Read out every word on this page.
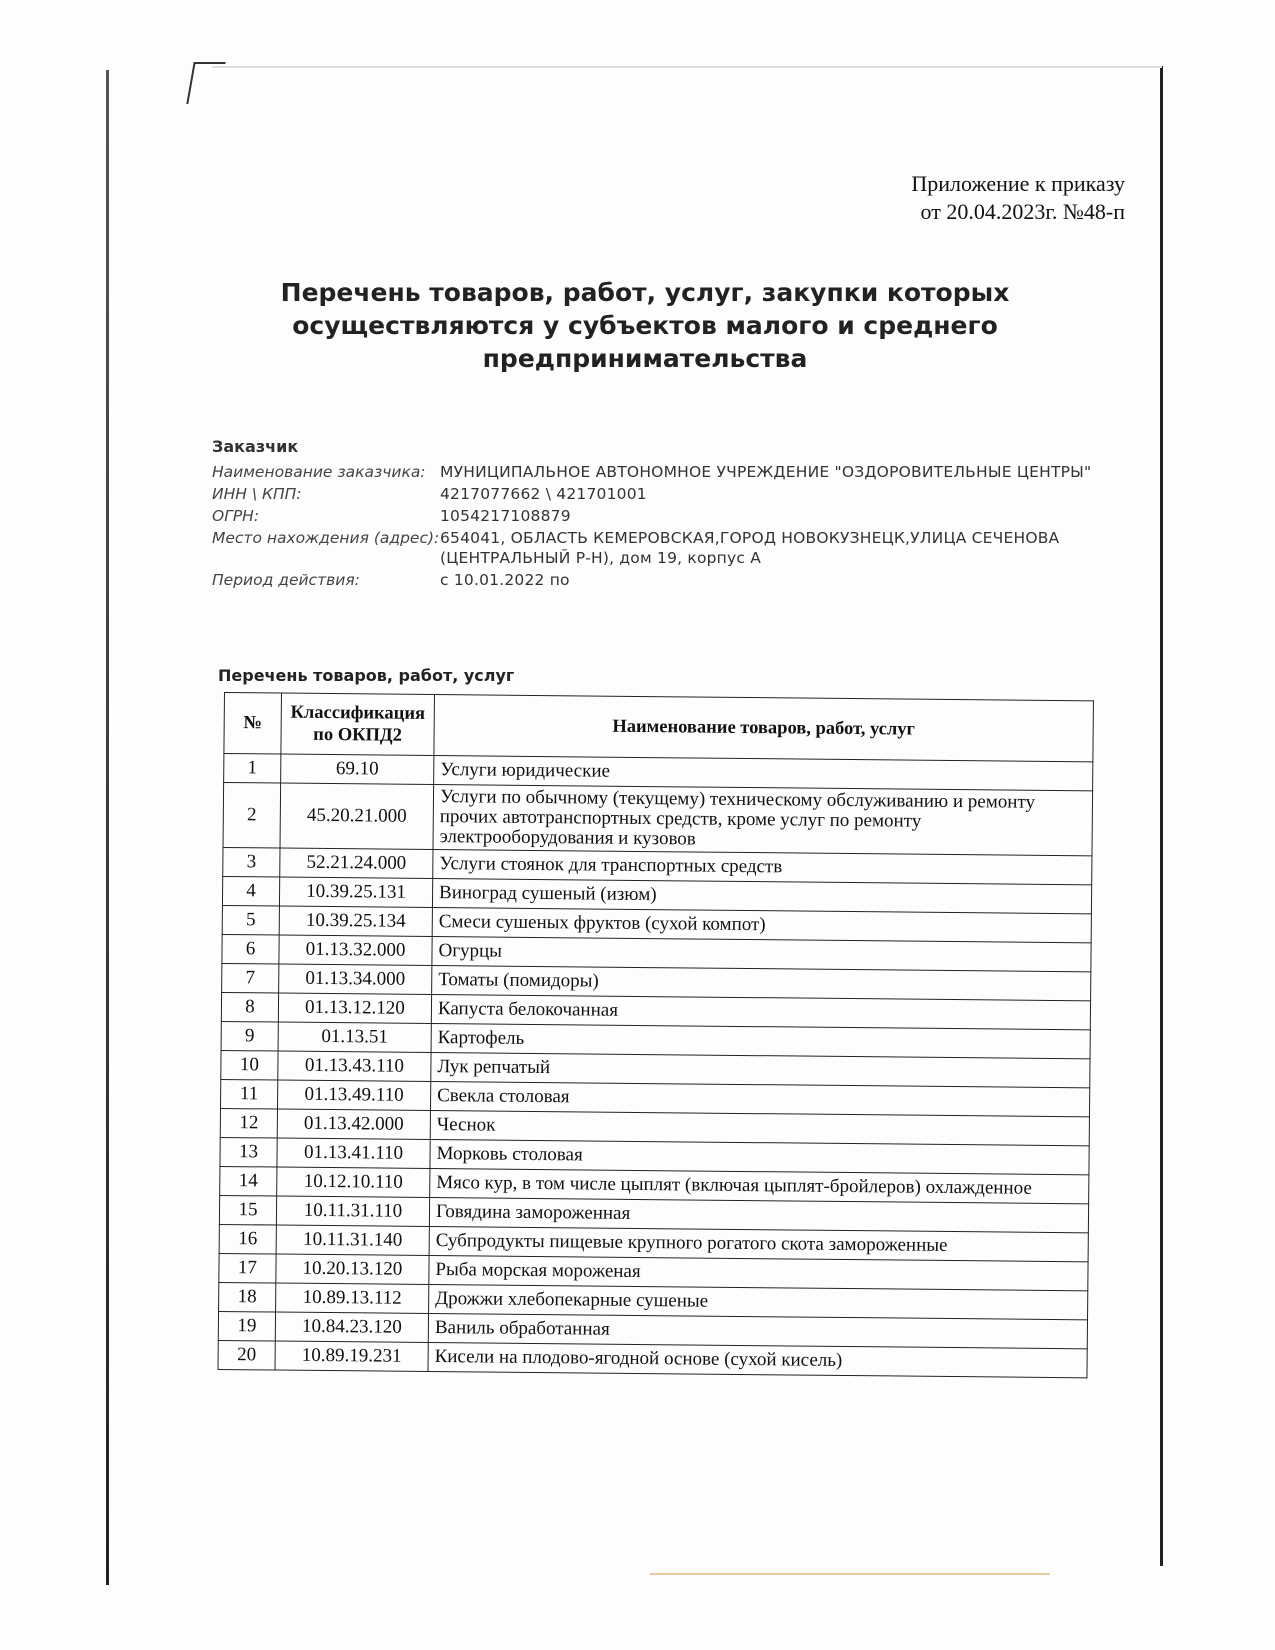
Приложение к приказу
от 20.04.2023г. №48-п
Перечень товаров, работ, услуг, закупки которых осуществляются у субъектов малого и среднего предпринимательства
Заказчик
Наименование заказчика: МУНИЦИПАЛЬНОЕ АВТОНОМНОЕ УЧРЕЖДЕНИЕ "ОЗДОРОВИТЕЛЬНЫЕ ЦЕНТРЫ"
ИНН \ КПП:	4217077662 \ 421701001
ОГРН:	1054217108879
Место нахождения (адрес): 654041, ОБЛАСТЬ КЕМЕРОВСКАЯ,ГОРОД НОВОКУЗНЕЦК,УЛИЦА СЕЧЕНОВА (ЦЕНТРАЛЬНЫЙ Р-Н), дом 19, корпус А
Период действия:	с 10.01.2022 по
Перечень товаров, работ, услуг
№	Классификация по ОКПД2	Наименование товаров, работ, услуг
1	69.10	Услуги юридические
2	45.20.21.000	Услуги по обычному (текущему) техническому обслуживанию и ремонту прочих автотранспортных средств, кроме услуг по ремонту электрооборудования и кузовов
3	52.21.24.000	Услуги стоянок для транспортных средств
4	10.39.25.131	Виноград сушеный (изюм)
5	10.39.25.134	Смеси сушеных фруктов (сухой компот)
6	01.13.32.000	Огурцы
7	01.13.34.000	Томаты (помидоры)
8	01.13.12.120	Капуста белокочанная
9	01.13.51	Картофель
10	01.13.43.110	Лук репчатый
11	01.13.49.110	Свекла столовая
12	01.13.42.000	Чеснок
13	01.13.41.110	Морковь столовая
14	10.12.10.110	Мясо кур, в том числе цыплят (включая цыплят-бройлеров) охлажденное
15	10.11.31.110	Говядина замороженная
16	10.11.31.140	Субпродукты пищевые крупного рогатого скота замороженные
17	10.20.13.120	Рыба морская мороженая
18	10.89.13.112	Дрожжи хлебопекарные сушеные
19	10.84.23.120	Ваниль обработанная
20	10.89.19.231	Кисели на плодово-ягодной основе (сухой кисель)
